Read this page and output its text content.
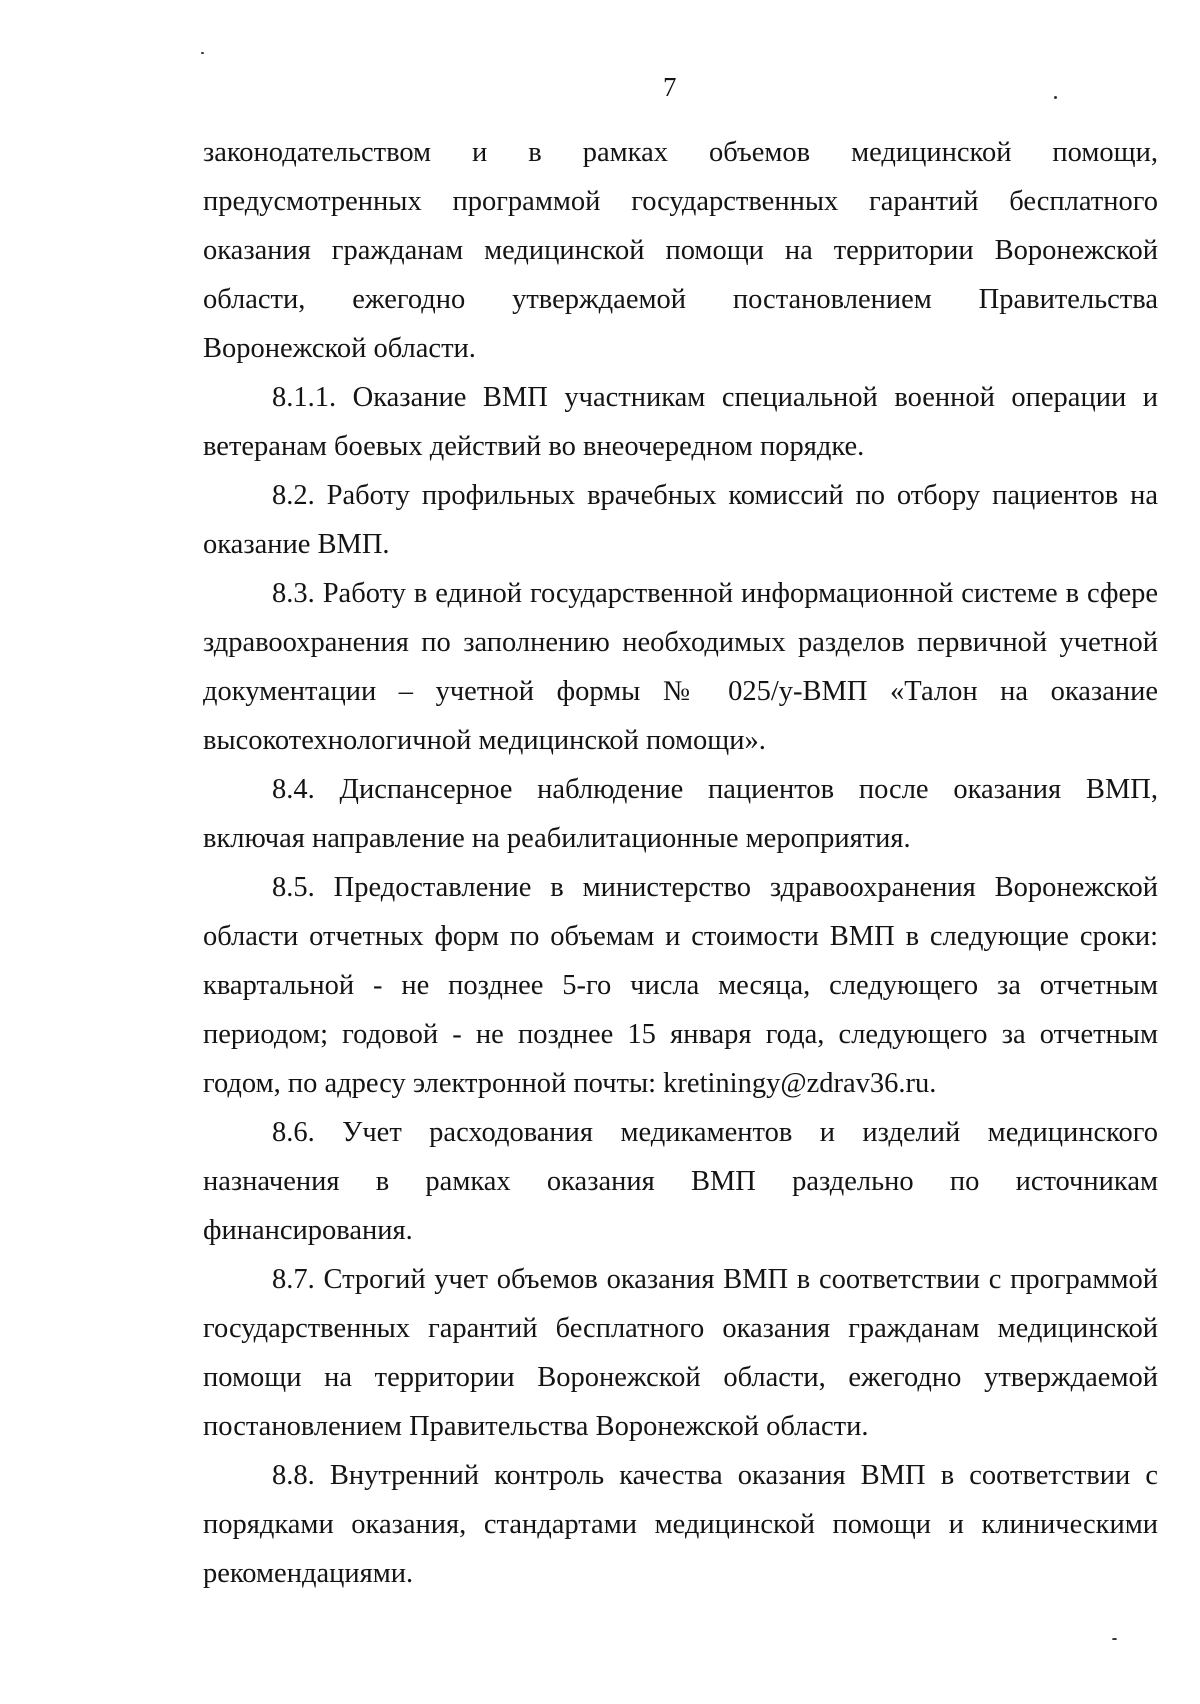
7

законодательством и в рамках объемов медицинской помощи, предусмотренных программой государственных гарантий бесплатного оказания гражданам медицинской помощи на территории Воронежской области, ежегодно утверждаемой постановлением Правительства Воронежской области.

8.1.1. Оказание ВМП участникам специальной военной операции и ветеранам боевых действий во внеочередном порядке.

8.2. Работу профильных врачебных комиссий по отбору пациентов на оказание ВМП.

8.3. Работу в единой государственной информационной системе в сфере здравоохранения по заполнению необходимых разделов первичной учетной документации – учетной формы № 025/у-ВМП «Талон на оказание высокотехнологичной медицинской помощи».

8.4. Диспансерное наблюдение пациентов после оказания ВМП, включая направление на реабилитационные мероприятия.

8.5. Предоставление в министерство здравоохранения Воронежской области отчетных форм по объемам и стоимости ВМП в следующие сроки: квартальной - не позднее 5-го числа месяца, следующего за отчетным периодом; годовой - не позднее 15 января года, следующего за отчетным годом, по адресу электронной почты: kretiningy@zdrav36.ru.

8.6. Учет расходования медикаментов и изделий медицинского назначения в рамках оказания ВМП раздельно по источникам финансирования.

8.7. Строгий учет объемов оказания ВМП в соответствии с программой государственных гарантий бесплатного оказания гражданам медицинской помощи на территории Воронежской области, ежегодно утверждаемой постановлением Правительства Воронежской области.

8.8. Внутренний контроль качества оказания ВМП в соответствии с порядками оказания, стандартами медицинской помощи и клиническими рекомендациями.
